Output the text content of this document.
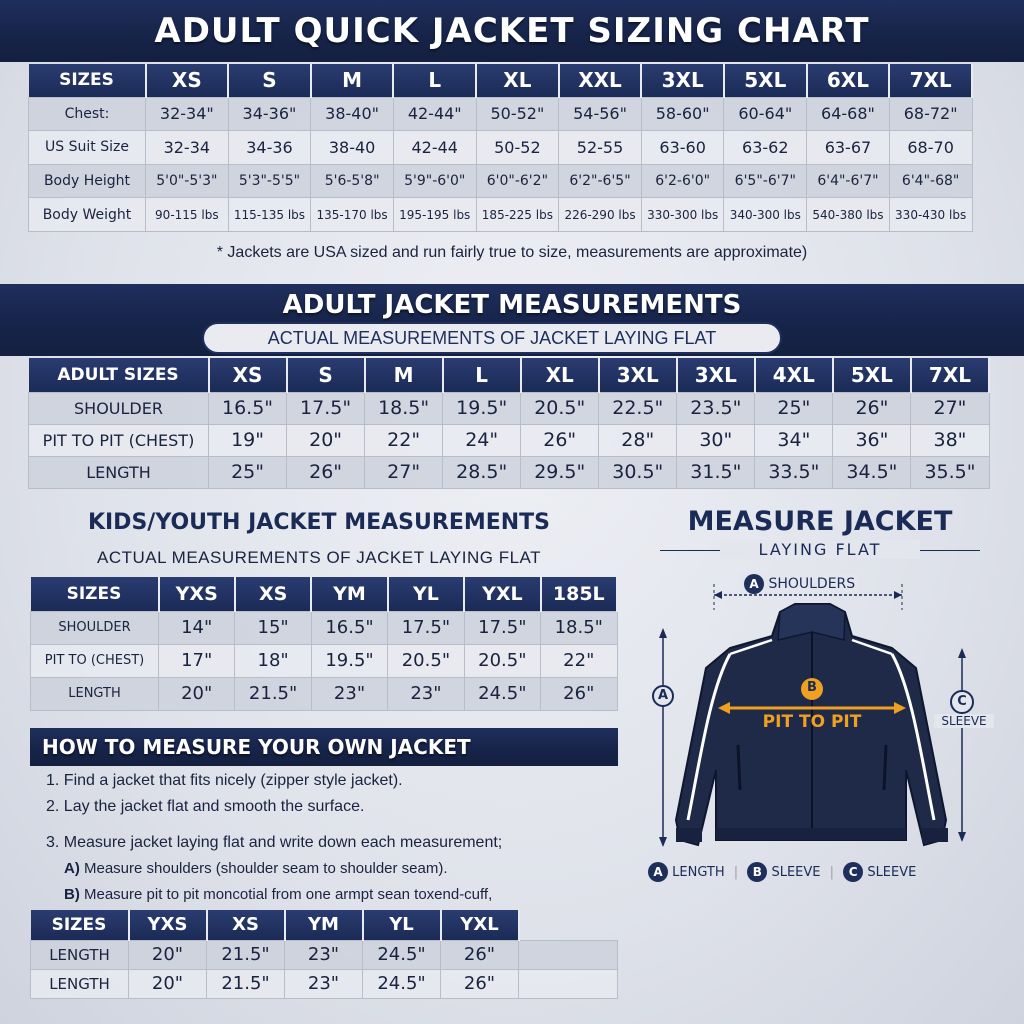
ADULT QUICK JACKET SIZING CHART
SIZES	XS	S	M	L	XL	XXL	3XL	5XL	6XL	7XL
Chest:	32-34"	34-36"	38-40"	42-44"	50-52"	54-56"	58-60"	60-64"	64-68"	68-72"
US Suit Size	32-34	34-36	38-40	42-44	50-52	52-55	63-60	63-62	63-67	68-70
Body Height	5'0"-5'3"	5'3"-5'5"	5'6-5'8"	5'9"-6'0"	6'0"-6'2"	6'2"-6'5"	6'2-6'0"	6'5"-6'7"	6'4"-6'7"	6'4"-68"
Body Weight	90-115 lbs	115-135 lbs	135-170 lbs	195-195 lbs	185-225 lbs	226-290 lbs	330-300 lbs	340-300 lbs	540-380 lbs	330-430 lbs
* Jackets are USA sized and run fairly true to size, measurements are approximate)
ADULT JACKET MEASUREMENTS
ACTUAL MEASUREMENTS OF JACKET LAYING FLAT
ADULT SIZES	XS	S	M	L	XL	3XL	3XL	4XL	5XL	7XL
SHOULDER	16.5"	17.5"	18.5"	19.5"	20.5"	22.5"	23.5"	25"	26"	27"
PIT TO PIT (CHEST)	19"	20"	22"	24"	26"	28"	30"	34"	36"	38"
LENGTH	25"	26"	27"	28.5"	29.5"	30.5"	31.5"	33.5"	34.5"	35.5"
KIDS/YOUTH JACKET MEASUREMENTS
ACTUAL MEASUREMENTS OF JACKET LAYING FLAT
SIZES	YXS	XS	YM	YL	YXL	185L
SHOULDER	14"	15"	16.5"	17.5"	17.5"	18.5"
PIT TO (CHEST)	17"	18"	19.5"	20.5"	20.5"	22"
LENGTH	20"	21.5"	23"	23"	24.5"	26"
HOW TO MEASURE YOUR OWN JACKET
1. Find a jacket that fits nicely (zipper style jacket).
2. Lay the jacket flat and smooth the surface.
3. Measure jacket laying flat and write down each measurement;
A) Measure shoulders (shoulder seam to shoulder seam).
B) Measure pit to pit moncotial from one armpt sean toxend-cuff,
SIZES	YXS	XS	YM	YL	YXL	
LENGTH	20"	21.5"	23"	24.5"	26"	
LENGTH	20"	21.5"	23"	24.5"	26"	
MEASURE JACKET
LAYING FLAT
A SHOULDERS
B
PIT TO PIT
A	C
SLEEVE
A LENGTH | B SLEEVE | C SLEEVE
